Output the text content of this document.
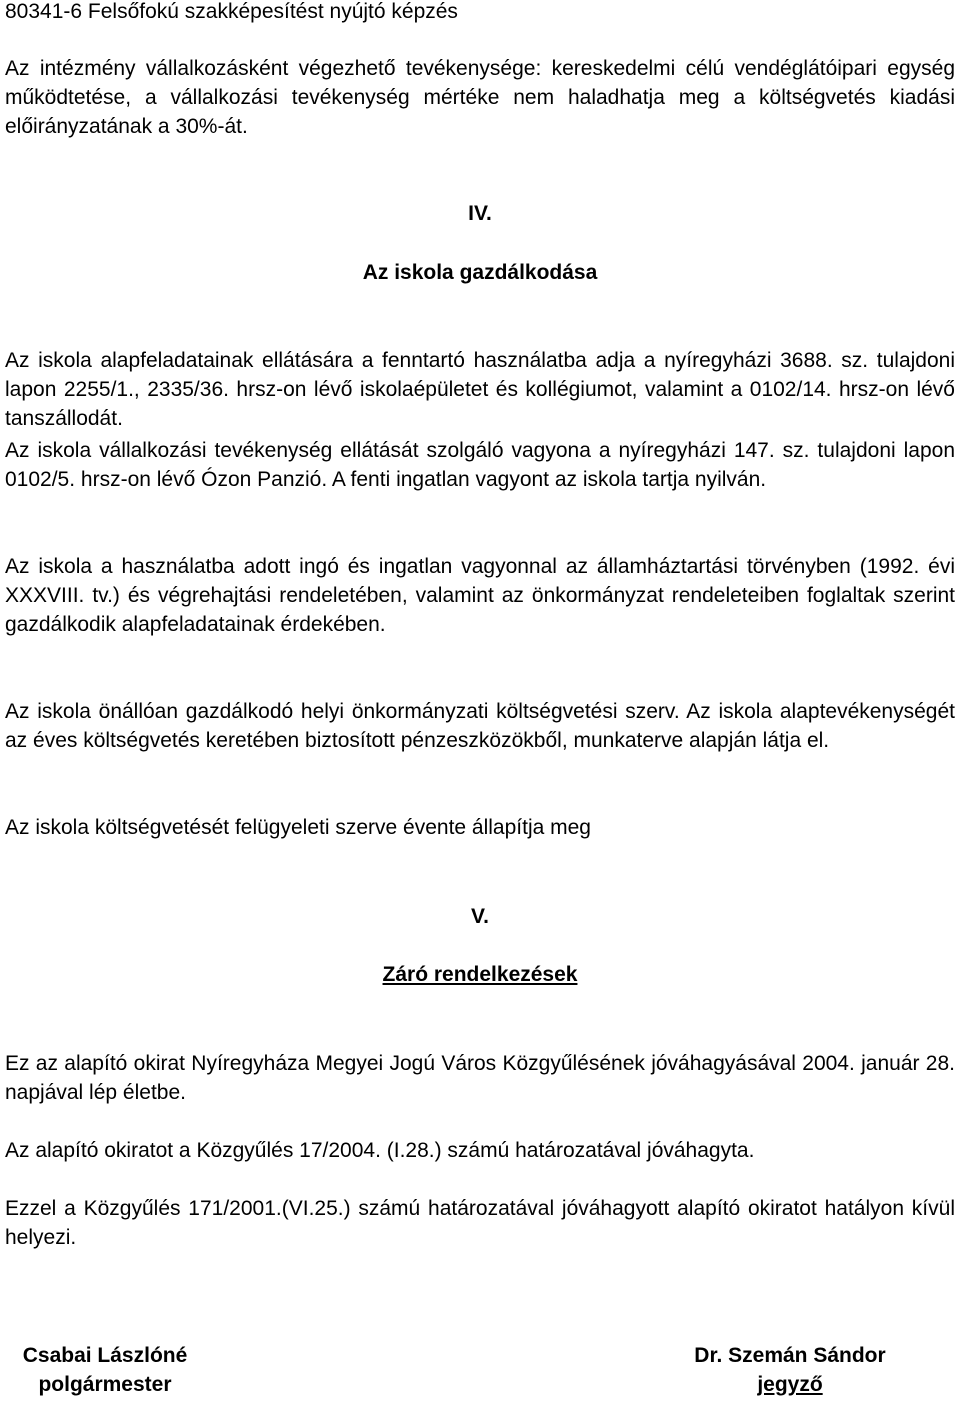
80341-6 Felsőfokú szakképesítést nyújtó képzés

Az intézmény vállalkozásként végezhető tevékenysége: kereskedelmi célú vendéglátóipari egység működtetése, a vállalkozási tevékenység mértéke nem haladhatja meg a költségvetés kiadási előirányzatának a 30%-át.

IV.

Az iskola gazdálkodása

Az iskola alapfeladatainak ellátására a fenntartó használatba adja a nyíregyházi 3688. sz. tulajdoni lapon 2255/1., 2335/36. hrsz-on lévő iskolaépületet és kollégiumot, valamint a 0102/14. hrsz-on lévő tanszállodát.

Az iskola vállalkozási tevékenység ellátását szolgáló vagyona a nyíregyházi 147. sz. tulajdoni lapon 0102/5. hrsz-on lévő Ózon Panzió. A fenti ingatlan vagyont az iskola tartja nyilván.

Az iskola a használatba adott ingó és ingatlan vagyonnal az államháztartási törvényben (1992. évi XXXVIII. tv.) és végrehajtási rendeletében, valamint az önkormányzat rendeleteiben foglaltak szerint gazdálkodik alapfeladatainak érdekében.

Az iskola önállóan gazdálkodó helyi önkormányzati költségvetési szerv. Az iskola alaptevékenységét az éves költségvetés keretében biztosított pénzeszközökből, munkaterve alapján látja el.

Az iskola költségvetését felügyeleti szerve évente állapítja meg

V.

Záró rendelkezések

Ez az alapító okirat Nyíregyháza Megyei Jogú Város Közgyűlésének jóváhagyásával 2004. január 28. napjával lép életbe.

Az alapító okiratot a Közgyűlés 17/2004. (I.28.) számú határozatával jóváhagyta.

Ezzel a Közgyűlés 171/2001.(VI.25.) számú határozatával jóváhagyott alapító okiratot hatályon kívül helyezi.

Csabai Lászlóné
polgármester
Dr. Szemán Sándor
jegyző
